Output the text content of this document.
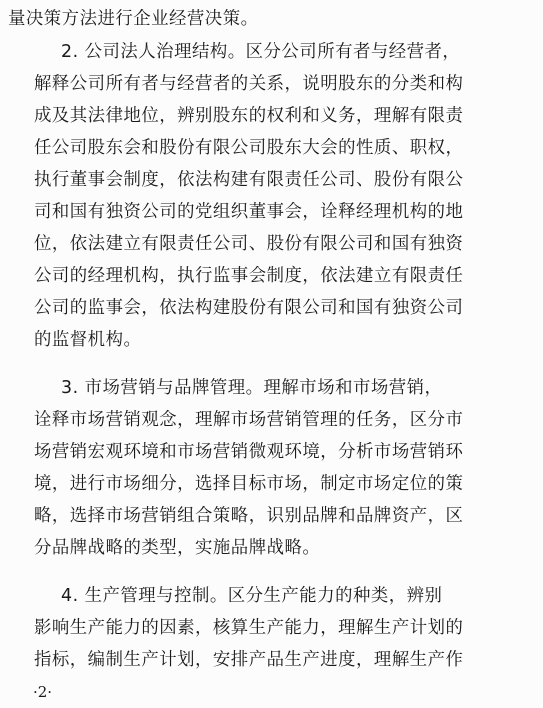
量决策方法进行企业经营决策。
2. 公司法人治理结构。区分公司所有者与经营者，
解释公司所有者与经营者的关系，说明股东的分类和构
成及其法律地位，辨别股东的权利和义务，理解有限责
任公司股东会和股份有限公司股东大会的性质、职权，
执行董事会制度，依法构建有限责任公司、股份有限公
司和国有独资公司的党组织董事会，诠释经理机构的地
位，依法建立有限责任公司、股份有限公司和国有独资
公司的经理机构，执行监事会制度，依法建立有限责任
公司的监事会，依法构建股份有限公司和国有独资公司
的监督机构。
3. 市场营销与品牌管理。理解市场和市场营销，
诠释市场营销观念，理解市场营销管理的任务，区分市
场营销宏观环境和市场营销微观环境，分析市场营销环
境，进行市场细分，选择目标市场，制定市场定位的策
略，选择市场营销组合策略，识别品牌和品牌资产，区
分品牌战略的类型，实施品牌战略。
4. 生产管理与控制。区分生产能力的种类，辨别
影响生产能力的因素，核算生产能力，理解生产计划的
指标，编制生产计划，安排产品生产进度，理解生产作
·2·
